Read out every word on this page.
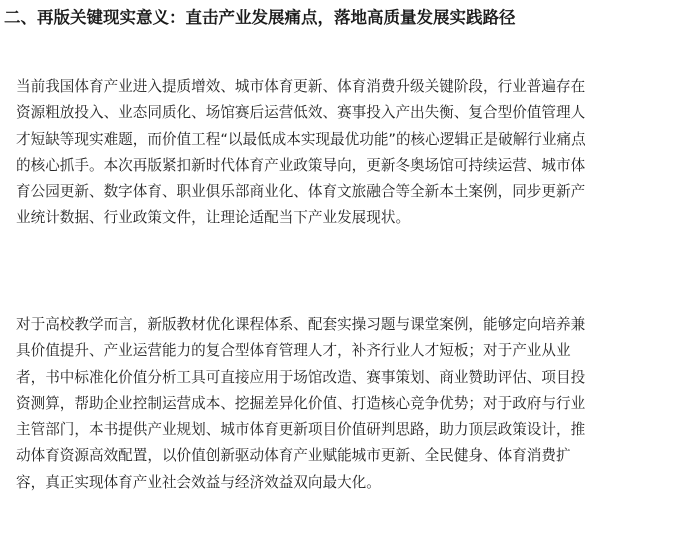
二、再版关键现实意义：直击产业发展痛点，落地高质量发展实践路径
当前我国体育产业进入提质增效、城市体育更新、体育消费升级关键阶段，行业普遍存在
资源粗放投入、业态同质化、场馆赛后运营低效、赛事投入产出失衡、复合型价值管理人
才短缺等现实难题，而价值工程“以最低成本实现最优功能”的核心逻辑正是破解行业痛点
的核心抓手。本次再版紧扣新时代体育产业政策导向，更新冬奥场馆可持续运营、城市体
育公园更新、数字体育、职业俱乐部商业化、体育文旅融合等全新本土案例，同步更新产
业统计数据、行业政策文件，让理论适配当下产业发展现状。
对于高校教学而言，新版教材优化课程体系、配套实操习题与课堂案例，能够定向培养兼
具价值提升、产业运营能力的复合型体育管理人才，补齐行业人才短板；对于产业从业
者，书中标准化价值分析工具可直接应用于场馆改造、赛事策划、商业赞助评估、项目投
资测算，帮助企业控制运营成本、挖掘差异化价值、打造核心竞争优势；对于政府与行业
主管部门，本书提供产业规划、城市体育更新项目价值研判思路，助力顶层政策设计，推
动体育资源高效配置，以价值创新驱动体育产业赋能城市更新、全民健身、体育消费扩
容，真正实现体育产业社会效益与经济效益双向最大化。
